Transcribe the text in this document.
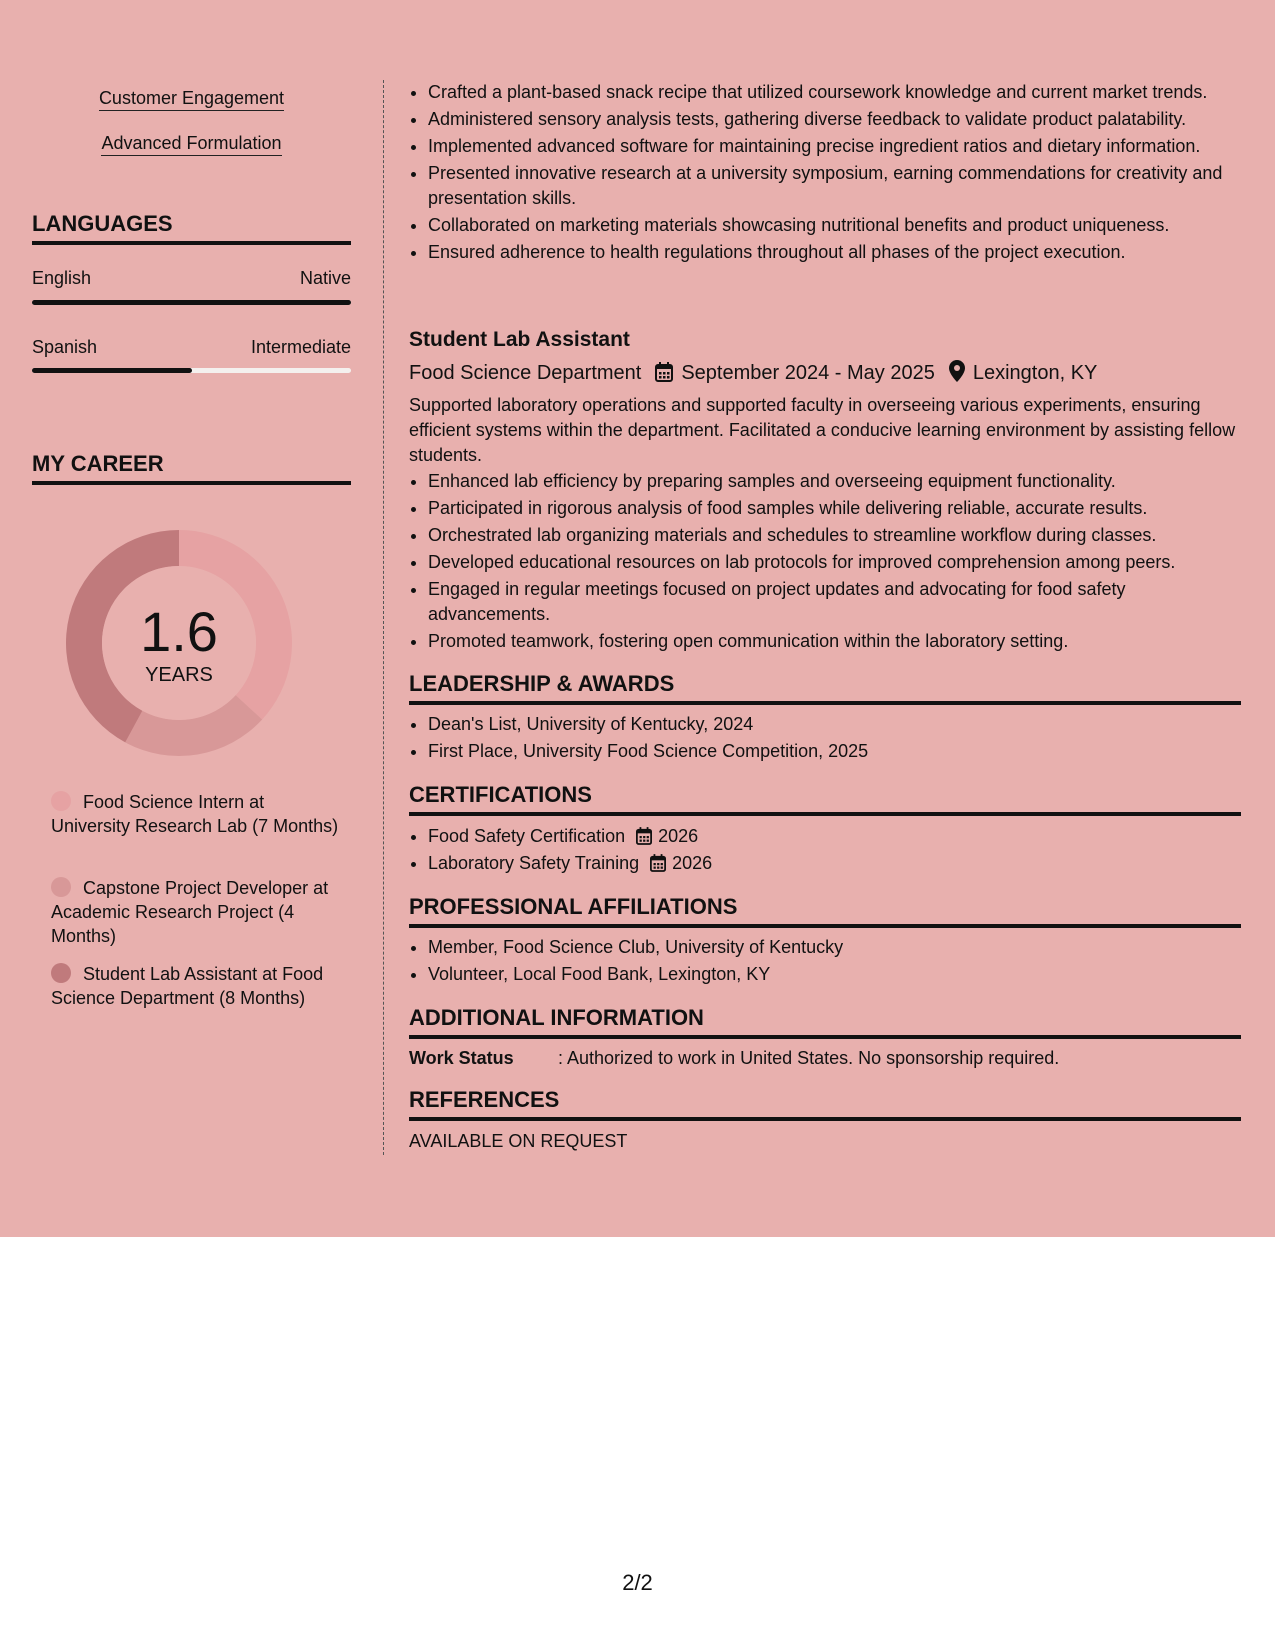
Customer Engagement
Advanced Formulation
LANGUAGES
English	Native
Spanish	Intermediate
MY CAREER
1.6
YEARS
Food Science Intern at University Research Lab (7 Months)
Capstone Project Developer at Academic Research Project (4 Months)
Student Lab Assistant at Food Science Department (8 Months)
• Crafted a plant-based snack recipe that utilized coursework knowledge and current market trends.
• Administered sensory analysis tests, gathering diverse feedback to validate product palatability.
• Implemented advanced software for maintaining precise ingredient ratios and dietary information.
• Presented innovative research at a university symposium, earning commendations for creativity and presentation skills.
• Collaborated on marketing materials showcasing nutritional benefits and product uniqueness.
• Ensured adherence to health regulations throughout all phases of the project execution.
Student Lab Assistant
Food Science Department September 2024 - May 2025 Lexington, KY
Supported laboratory operations and supported faculty in overseeing various experiments, ensuring efficient systems within the department. Facilitated a conducive learning environment by assisting fellow students.
• Enhanced lab efficiency by preparing samples and overseeing equipment functionality.
• Participated in rigorous analysis of food samples while delivering reliable, accurate results.
• Orchestrated lab organizing materials and schedules to streamline workflow during classes.
• Developed educational resources on lab protocols for improved comprehension among peers.
• Engaged in regular meetings focused on project updates and advocating for food safety advancements.
• Promoted teamwork, fostering open communication within the laboratory setting.
LEADERSHIP & AWARDS
• Dean's List, University of Kentucky, 2024
• First Place, University Food Science Competition, 2025
CERTIFICATIONS
• Food Safety Certification 2026
• Laboratory Safety Training 2026
PROFESSIONAL AFFILIATIONS
• Member, Food Science Club, University of Kentucky
• Volunteer, Local Food Bank, Lexington, KY
ADDITIONAL INFORMATION
Work Status : Authorized to work in United States. No sponsorship required.
REFERENCES
AVAILABLE ON REQUEST
2/2
